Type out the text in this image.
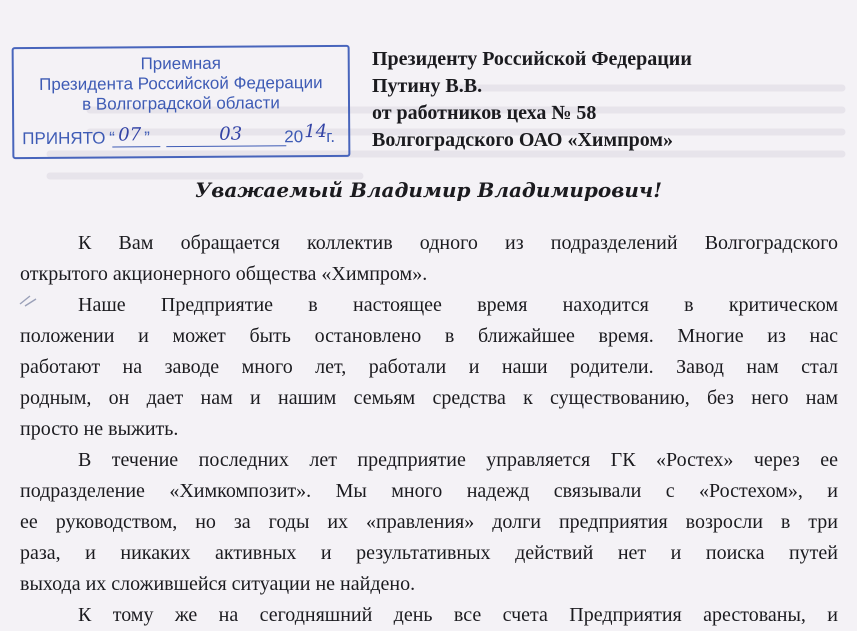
Приемная
Президента Российской Федерации
в Волгоградской области
ПРИНЯТО “ 07 ”	03 20 14
г.
Президенту Российской Федерации
Путину В.В.
от работников цеха № 58
Волгоградского ОАО «Химпром»
Уважаемый Владимир Владимирович!

К Вам обращается коллектив одного из подразделений Волгоградского
открытого акционерного общества «Химпром».

Наше Предприятие в настоящее время находится в критическом
положении и может быть остановлено в ближайшее время. Многие из нас
работают на заводе много лет, работали и наши родители. Завод нам стал
родным, он дает нам и нашим семьям средства к существованию, без него нам
просто не выжить.

В течение последних лет предприятие управляется ГК «Ростех» через ее
подразделение «Химкомпозит». Мы много надежд связывали с «Ростехом», и
ее руководством, но за годы их «правления» долги предприятия возросли в три
раза, и никаких активных и результативных действий нет и поиска путей
выхода их сложившейся ситуации не найдено.

К тому же на сегодняшний день все счета Предприятия арестованы, и
